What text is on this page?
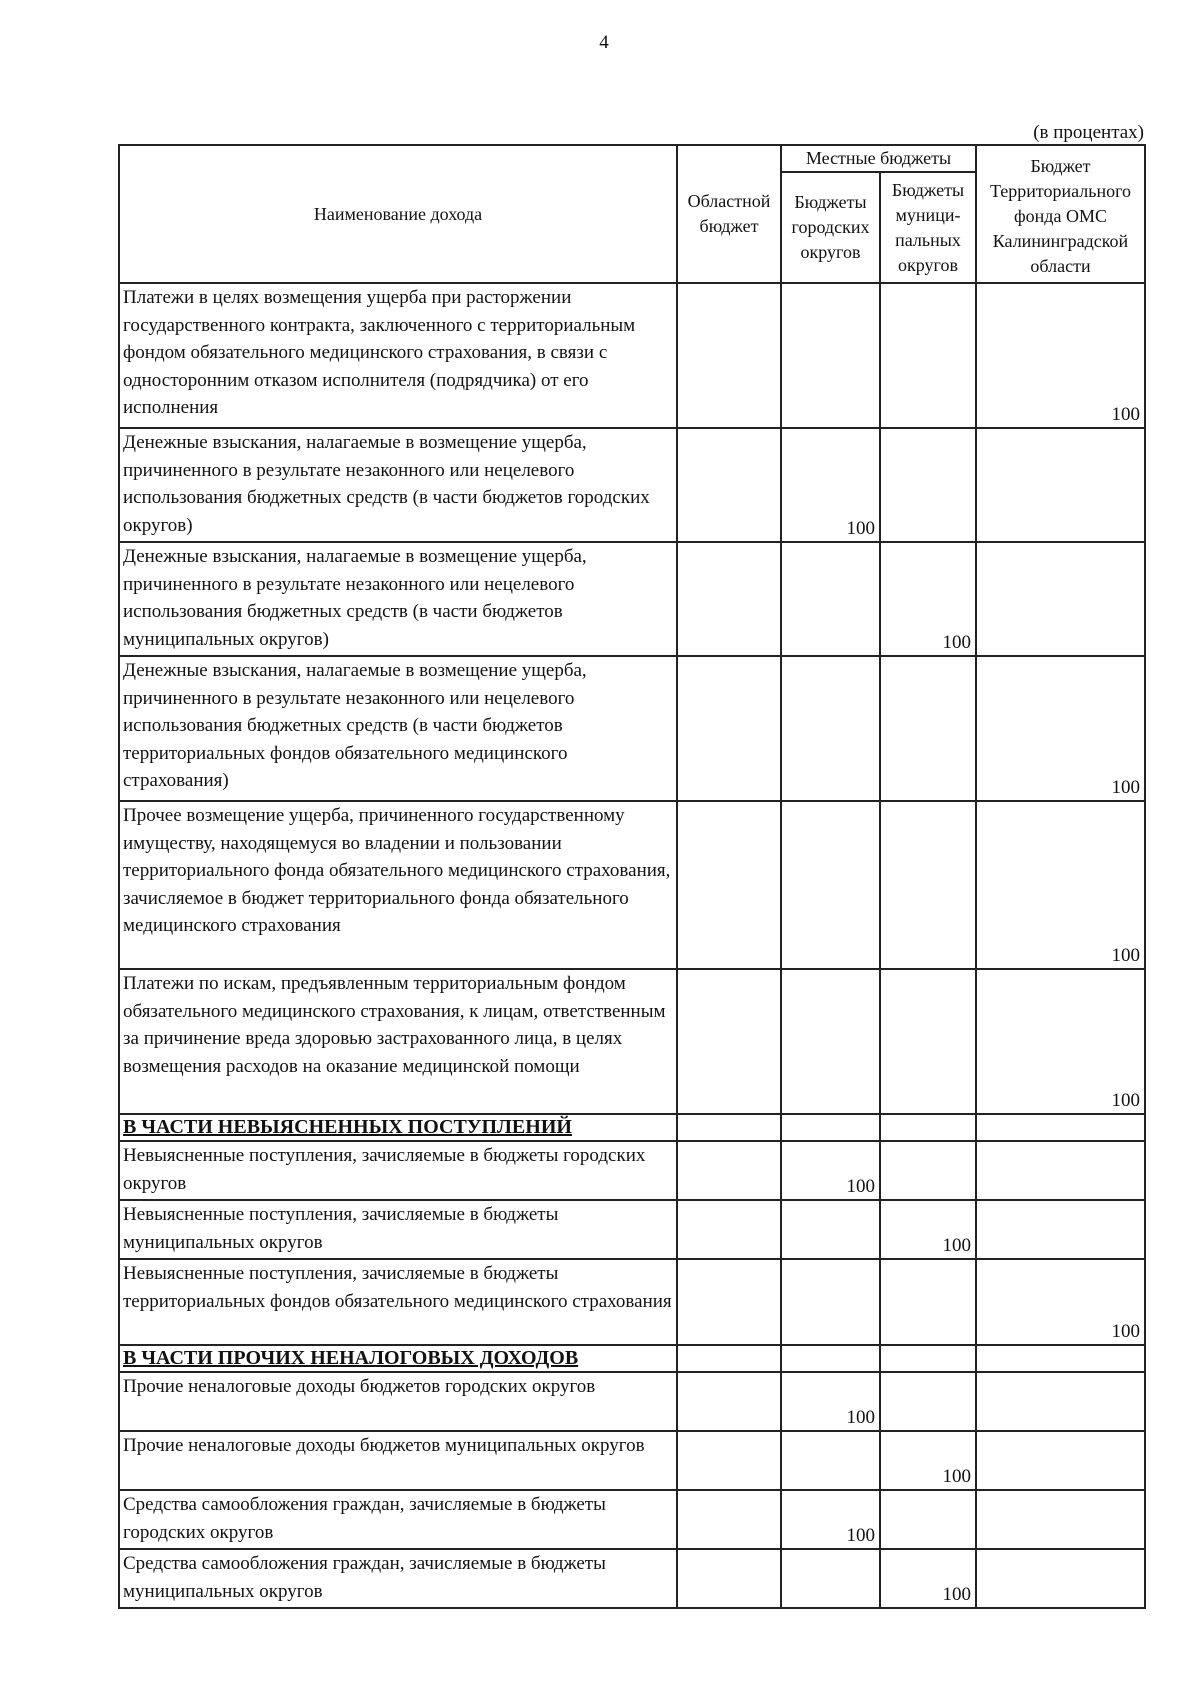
4
(в процентах)
Наименование дохода	Областной бюджет	Местные бюджеты		Бюджет Территориального фонда ОМС Калининградской области
		Бюджеты городских округов	Бюджеты муници-пальных округов	
Платежи в целях возмещения ущерба при расторжении государственного контракта, заключенного с территориальным фондом обязательного медицинского страхования, в связи с односторонним отказом исполнителя (подрядчика) от его исполнения				100
Денежные взыскания, налагаемые в возмещение ущерба, причиненного в результате незаконного или нецелевого использования бюджетных средств (в части бюджетов городских округов)		100		
Денежные взыскания, налагаемые в возмещение ущерба, причиненного в результате незаконного или нецелевого использования бюджетных средств (в части бюджетов муниципальных округов)			100	
Денежные взыскания, налагаемые в возмещение ущерба, причиненного в результате незаконного или нецелевого использования бюджетных средств (в части бюджетов территориальных фондов обязательного медицинского страхования)				100
Прочее возмещение ущерба, причиненного государственному имуществу, находящемуся во владении и пользовании территориального фонда обязательного медицинского страхования, зачисляемое в бюджет территориального фонда обязательного медицинского страхования				100
Платежи по искам, предъявленным территориальным фондом обязательного медицинского страхования, к лицам, ответственным за причинение вреда здоровью застрахованного лица, в целях возмещения расходов на оказание медицинской помощи				100
В ЧАСТИ НЕВЫЯСНЕННЫХ ПОСТУПЛЕНИЙ				
Невыясненные поступления, зачисляемые в бюджеты городских округов		100		
Невыясненные поступления, зачисляемые в бюджеты муниципальных округов			100	
Невыясненные поступления, зачисляемые в бюджеты территориальных фондов обязательного медицинского страхования				100
В ЧАСТИ ПРОЧИХ НЕНАЛОГОВЫХ ДОХОДОВ				
Прочие неналоговые доходы бюджетов городских округов		100		
Прочие неналоговые доходы бюджетов муниципальных округов			100	
Средства самообложения граждан, зачисляемые в бюджеты городских округов		100		
Средства самообложения граждан, зачисляемые в бюджеты муниципальных округов			100	
